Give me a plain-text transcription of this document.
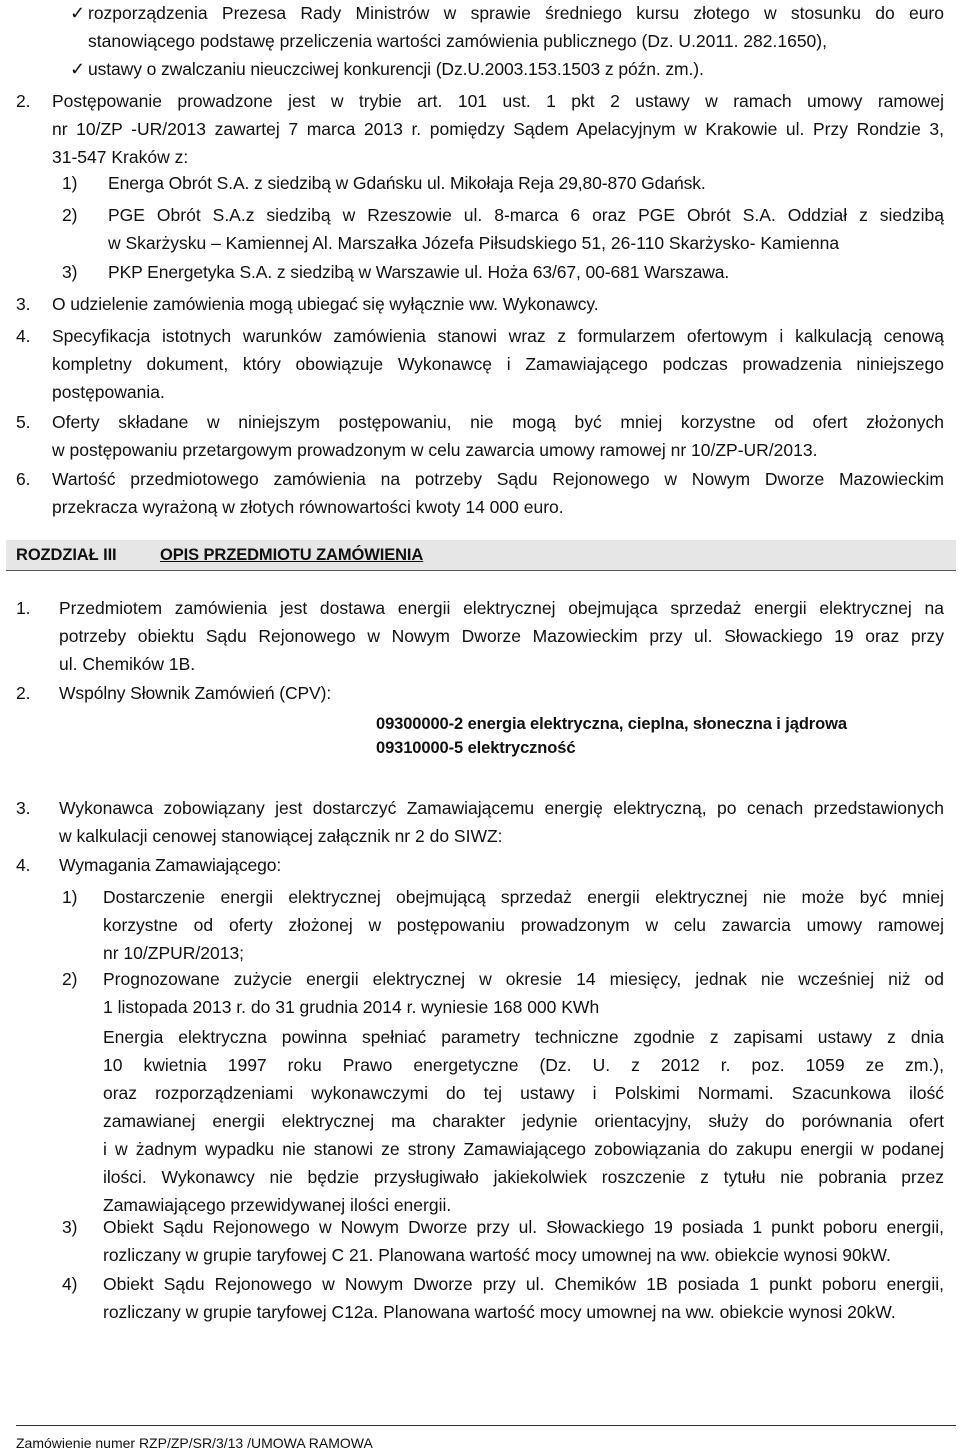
✓ rozporządzenia Prezesa Rady Ministrów w sprawie średniego kursu złotego w stosunku do euro
stanowiącego podstawę przeliczenia wartości zamówienia publicznego (Dz. U.2011. 282.1650),
✓ ustawy o zwalczaniu nieuczciwej konkurencji (Dz.U.2003.153.1503 z późn. zm.).
2. Postępowanie prowadzone jest w trybie art. 101 ust. 1 pkt 2 ustawy w ramach umowy ramowej
nr 10/ZP -UR/2013 zawartej 7 marca 2013 r. pomiędzy Sądem Apelacyjnym w Krakowie ul. Przy Rondzie 3,
31-547 Kraków z:
1) Energa Obrót S.A. z siedzibą w Gdańsku ul. Mikołaja Reja 29,80-870 Gdańsk.
2) PGE Obrót S.A.z siedzibą w Rzeszowie ul. 8-marca 6 oraz PGE Obrót S.A. Oddział z siedzibą
w Skarżysku – Kamiennej Al. Marszałka Józefa Piłsudskiego 51, 26-110 Skarżysko- Kamienna
3) PKP Energetyka S.A. z siedzibą w Warszawie ul. Hoża 63/67, 00-681 Warszawa.
3. O udzielenie zamówienia mogą ubiegać się wyłącznie ww. Wykonawcy.
4. Specyfikacja istotnych warunków zamówienia stanowi wraz z formularzem ofertowym i kalkulacją cenową
kompletny dokument, który obowiązuje Wykonawcę i Zamawiającego podczas prowadzenia niniejszego
postępowania.
5. Oferty składane w niniejszym postępowaniu, nie mogą być mniej korzystne od ofert złożonych
w postępowaniu przetargowym prowadzonym w celu zawarcia umowy ramowej nr 10/ZP-UR/2013.
6. Wartość przedmiotowego zamówienia na potrzeby Sądu Rejonowego w Nowym Dworze Mazowieckim
przekracza wyrażoną w złotych równowartości kwoty 14 000 euro.
ROZDZIAŁ III	OPIS PRZEDMIOTU ZAMÓWIENIA
1. Przedmiotem zamówienia jest dostawa energii elektrycznej obejmująca sprzedaż energii elektrycznej na
potrzeby obiektu Sądu Rejonowego w Nowym Dworze Mazowieckim przy ul. Słowackiego 19 oraz przy
ul. Chemików 1B.
2. Wspólny Słownik Zamówień (CPV):
09300000-2 energia elektryczna, cieplna, słoneczna i jądrowa
09310000-5 elektryczność
3. Wykonawca zobowiązany jest dostarczyć Zamawiającemu energię elektryczną, po cenach przedstawionych
w kalkulacji cenowej stanowiącej załącznik nr 2 do SIWZ:
4. Wymagania Zamawiającego:
1) Dostarczenie energii elektrycznej obejmującą sprzedaż energii elektrycznej nie może być mniej
korzystne od oferty złożonej w postępowaniu prowadzonym w celu zawarcia umowy ramowej
nr 10/ZPUR/2013;
2) Prognozowane zużycie energii elektrycznej w okresie 14 miesięcy, jednak nie wcześniej niż od
1 listopada 2013 r. do 31 grudnia 2014 r. wyniesie 168 000 KWh
Energia elektryczna powinna spełniać parametry techniczne zgodnie z zapisami ustawy z dnia
10 kwietnia 1997 roku Prawo energetyczne (Dz. U. z 2012 r. poz. 1059 ze zm.),
oraz rozporządzeniami wykonawczymi do tej ustawy i Polskimi Normami. Szacunkowa ilość
zamawianej energii elektrycznej ma charakter jedynie orientacyjny, służy do porównania ofert
i w żadnym wypadku nie stanowi ze strony Zamawiającego zobowiązania do zakupu energii w podanej
ilości. Wykonawcy nie będzie przysługiwało jakiekolwiek roszczenie z tytułu nie pobrania przez
Zamawiającego przewidywanej ilości energii.
3) Obiekt Sądu Rejonowego w Nowym Dworze przy ul. Słowackiego 19 posiada 1 punkt poboru energii,
rozliczany w grupie taryfowej C 21. Planowana wartość mocy umownej na ww. obiekcie wynosi 90kW.
4) Obiekt Sądu Rejonowego w Nowym Dworze przy ul. Chemików 1B posiada 1 punkt poboru energii,
rozliczany w grupie taryfowej C12a. Planowana wartość mocy umownej na ww. obiekcie wynosi 20kW.
Zamówienie numer RZP/ZP/SR/3/13 /UMOWA RAMOWA
